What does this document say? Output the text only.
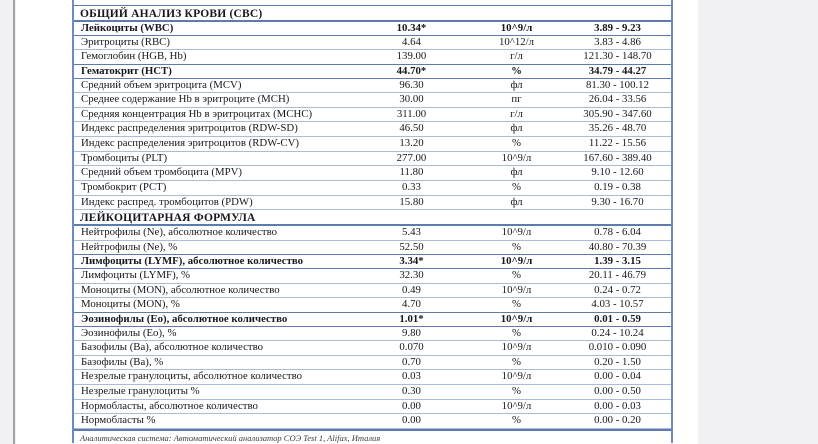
ОБЩИЙ АНАЛИЗ КРОВИ (СВС)
Лейкоциты (WBC)	10.34*	10^9/л	3.89 - 9.23
Эритроциты (RBC)	4.64	10^12/л	3.83 - 4.86
Гемоглобин (HGB, Hb)	139.00	г/л	121.30 - 148.70
Гематокрит (HCT)	44.70*	%	34.79 - 44.27
Средний объем эритроцита (MCV)	96.30	фл	81.30 - 100.12
Среднее содержание Hb в эритроците (MCH)	30.00	пг	26.04 - 33.56
Средняя концентрация Hb в эритроцитах (MCHC)	311.00	г/л	305.90 - 347.60
Индекс распределения эритроцитов (RDW-SD)	46.50	фл	35.26 - 48.70
Индекс распределения эритроцитов (RDW-CV)	13.20	%	11.22 - 15.56
Тромбоциты (PLT)	277.00	10^9/л	167.60 - 389.40
Средний объем тромбоцита (MPV)	11.80	фл	9.10 - 12.60
Тромбокрит (PCT)	0.33	%	0.19 - 0.38
Индекс распред. тромбоцитов (PDW)	15.80	фл	9.30 - 16.70
ЛЕЙКОЦИТАРНАЯ ФОРМУЛА
Нейтрофилы (Ne), абсолютное количество	5.43	10^9/л	0.78 - 6.04
Нейтрофилы (Ne), %	52.50	%	40.80 - 70.39
Лимфоциты (LYMF), абсолютное количество	3.34*	10^9/л	1.39 - 3.15
Лимфоциты (LYMF), %	32.30	%	20.11 - 46.79
Моноциты (MON), абсолютное количество	0.49	10^9/л	0.24 - 0.72
Моноциты (MON), %	4.70	%	4.03 - 10.57
Эозинофилы (Ео), абсолютное количество	1.01*	10^9/л	0.01 - 0.59
Эозинофилы (Ео), %	9.80	%	0.24 - 10.24
Базофилы (Ва), абсолютное количество	0.070	10^9/л	0.010 - 0.090
Базофилы (Ва), %	0.70	%	0.20 - 1.50
Незрелые гранулоциты, абсолютное количество	0.03	10^9/л	0.00 - 0.04
Незрелые гранулоциты %	0.30	%	0.00 - 0.50
Нормобласты, абсолютное количество	0.00	10^9/л	0.00 - 0.03
Нормобласты %	0.00	%	0.00 - 0.20
Аналитическая система: Автоматический анализатор СОЭ Test 1, Alifax, Италия
